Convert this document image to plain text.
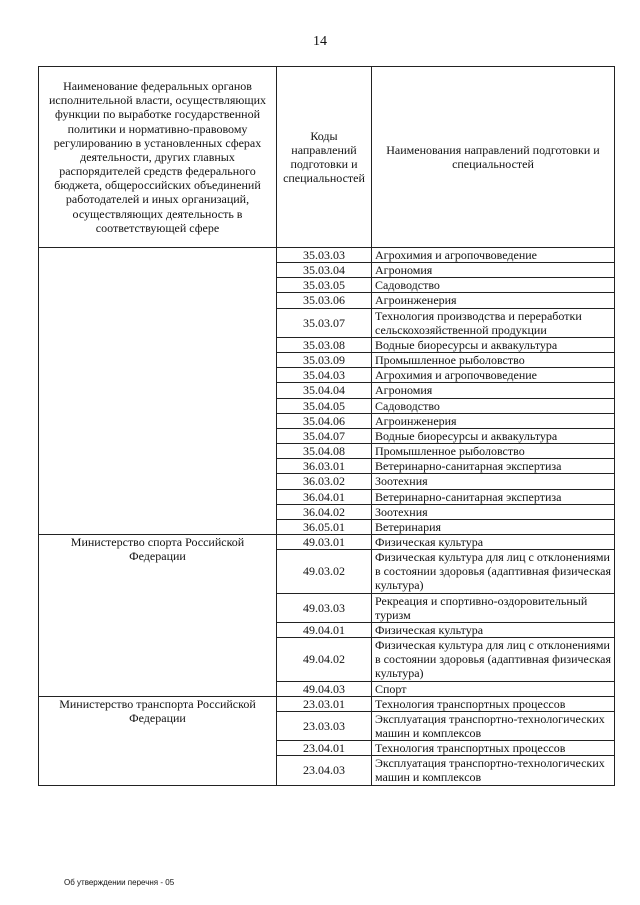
14
Наименование федеральных органов исполнительной власти, осуществляющих функции по выработке государственной политики и нормативно-правовому регулированию в установленных сферах деятельности, других главных распорядителей средств федерального бюджета, общероссийских объединений работодателей и иных организаций, осуществляющих деятельность в соответствующей сфере	Коды направлений подготовки и специальностей	Наименования направлений подготовки и специальностей
	35.03.03	Агрохимия и агропочвоведение
	35.03.04	Агрономия
	35.03.05	Садоводство
	35.03.06	Агроинженерия
	35.03.07	Технология производства и переработки сельскохозяйственной продукции
	35.03.08	Водные биоресурсы и аквакультура
	35.03.09	Промышленное рыболовство
	35.04.03	Агрохимия и агропочвоведение
	35.04.04	Агрономия
	35.04.05	Садоводство
	35.04.06	Агроинженерия
	35.04.07	Водные биоресурсы и аквакультура
	35.04.08	Промышленное рыболовство
	36.03.01	Ветеринарно-санитарная экспертиза
	36.03.02	Зоотехния
	36.04.01	Ветеринарно-санитарная экспертиза
	36.04.02	Зоотехния
	36.05.01	Ветеринария
Министерство спорта Российской Федерации	49.03.01	Физическая культура
	49.03.02	Физическая культура для лиц с отклонениями в состоянии здоровья (адаптивная физическая культура)
	49.03.03	Рекреация и спортивно-оздоровительный туризм
	49.04.01	Физическая культура
	49.04.02	Физическая культура для лиц с отклонениями в состоянии здоровья (адаптивная физическая культура)
	49.04.03	Спорт
Министерство транспорта Российской Федерации	23.03.01	Технология транспортных процессов
	23.03.03	Эксплуатация транспортно-технологических машин и комплексов
	23.04.01	Технология транспортных процессов
	23.04.03	Эксплуатация транспортно-технологических машин и комплексов
Об утверждении перечня - 05
